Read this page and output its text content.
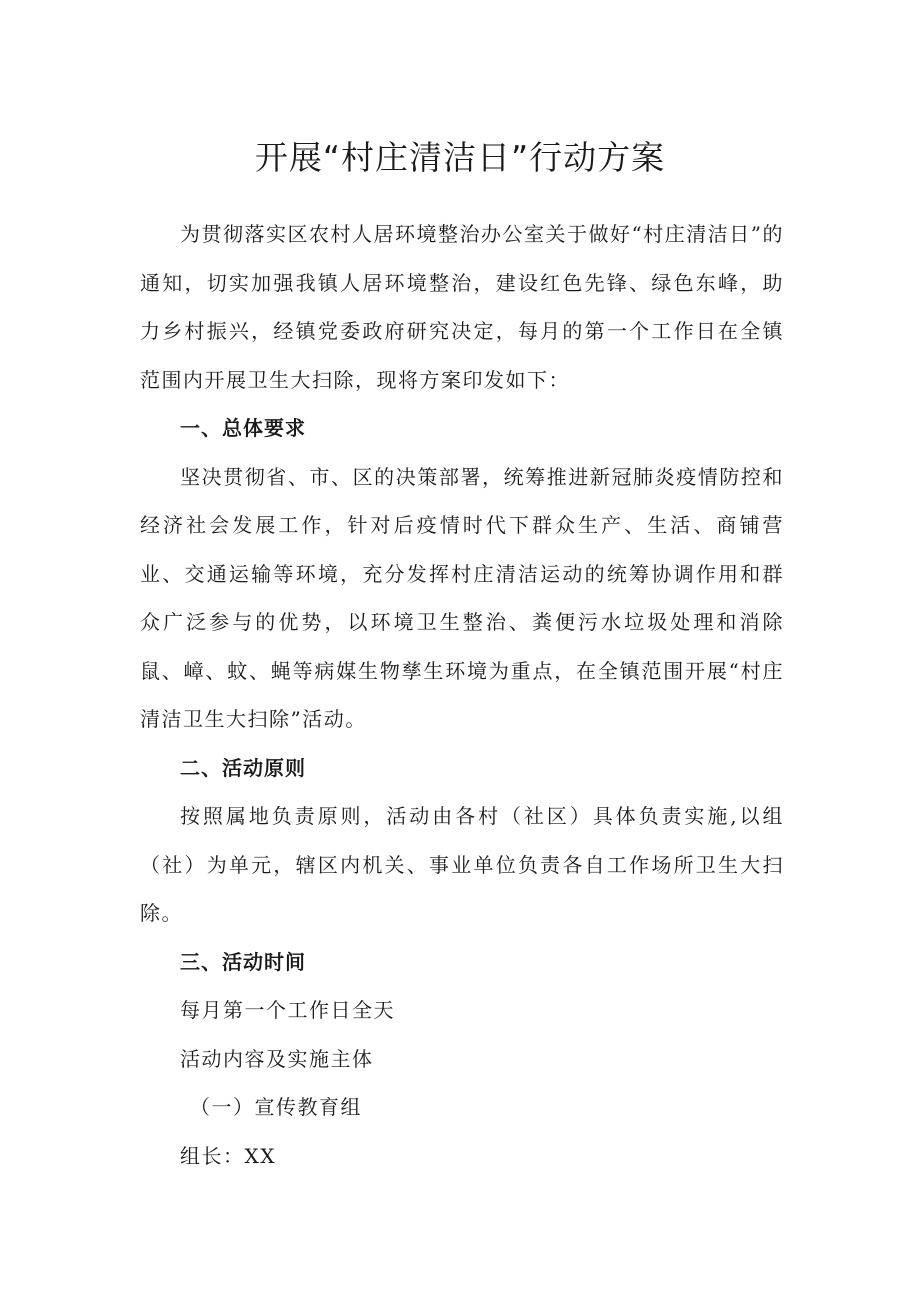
开展“村庄清洁日”行动方案

为贯彻落实区农村人居环境整治办公室关于做好“村庄清洁日”的通知，切实加强我镇人居环境整治，建设红色先锋、绿色东峰，助力乡村振兴，经镇党委政府研究决定，每月的第一个工作日在全镇范围内开展卫生大扫除，现将方案印发如下：

一、总体要求

坚决贯彻省、市、区的决策部署，统筹推进新冠肺炎疫情防控和经济社会发展工作，针对后疫情时代下群众生产、生活、商铺营业、交通运输等环境，充分发挥村庄清洁运动的统筹协调作用和群众广泛参与的优势，以环境卫生整治、粪便污水垃圾处理和消除鼠、嶂、蚊、蝇等病媒生物孳生环境为重点，在全镇范围开展“村庄清洁卫生大扫除”活动。

二、活动原则

按照属地负责原则，活动由各村（社区）具体负责实施,以组（社）为单元，辖区内机关、事业单位负责各自工作场所卫生大扫除。

三、活动时间

每月第一个工作日全天

活动内容及实施主体

（一）宣传教育组

组长：XX
